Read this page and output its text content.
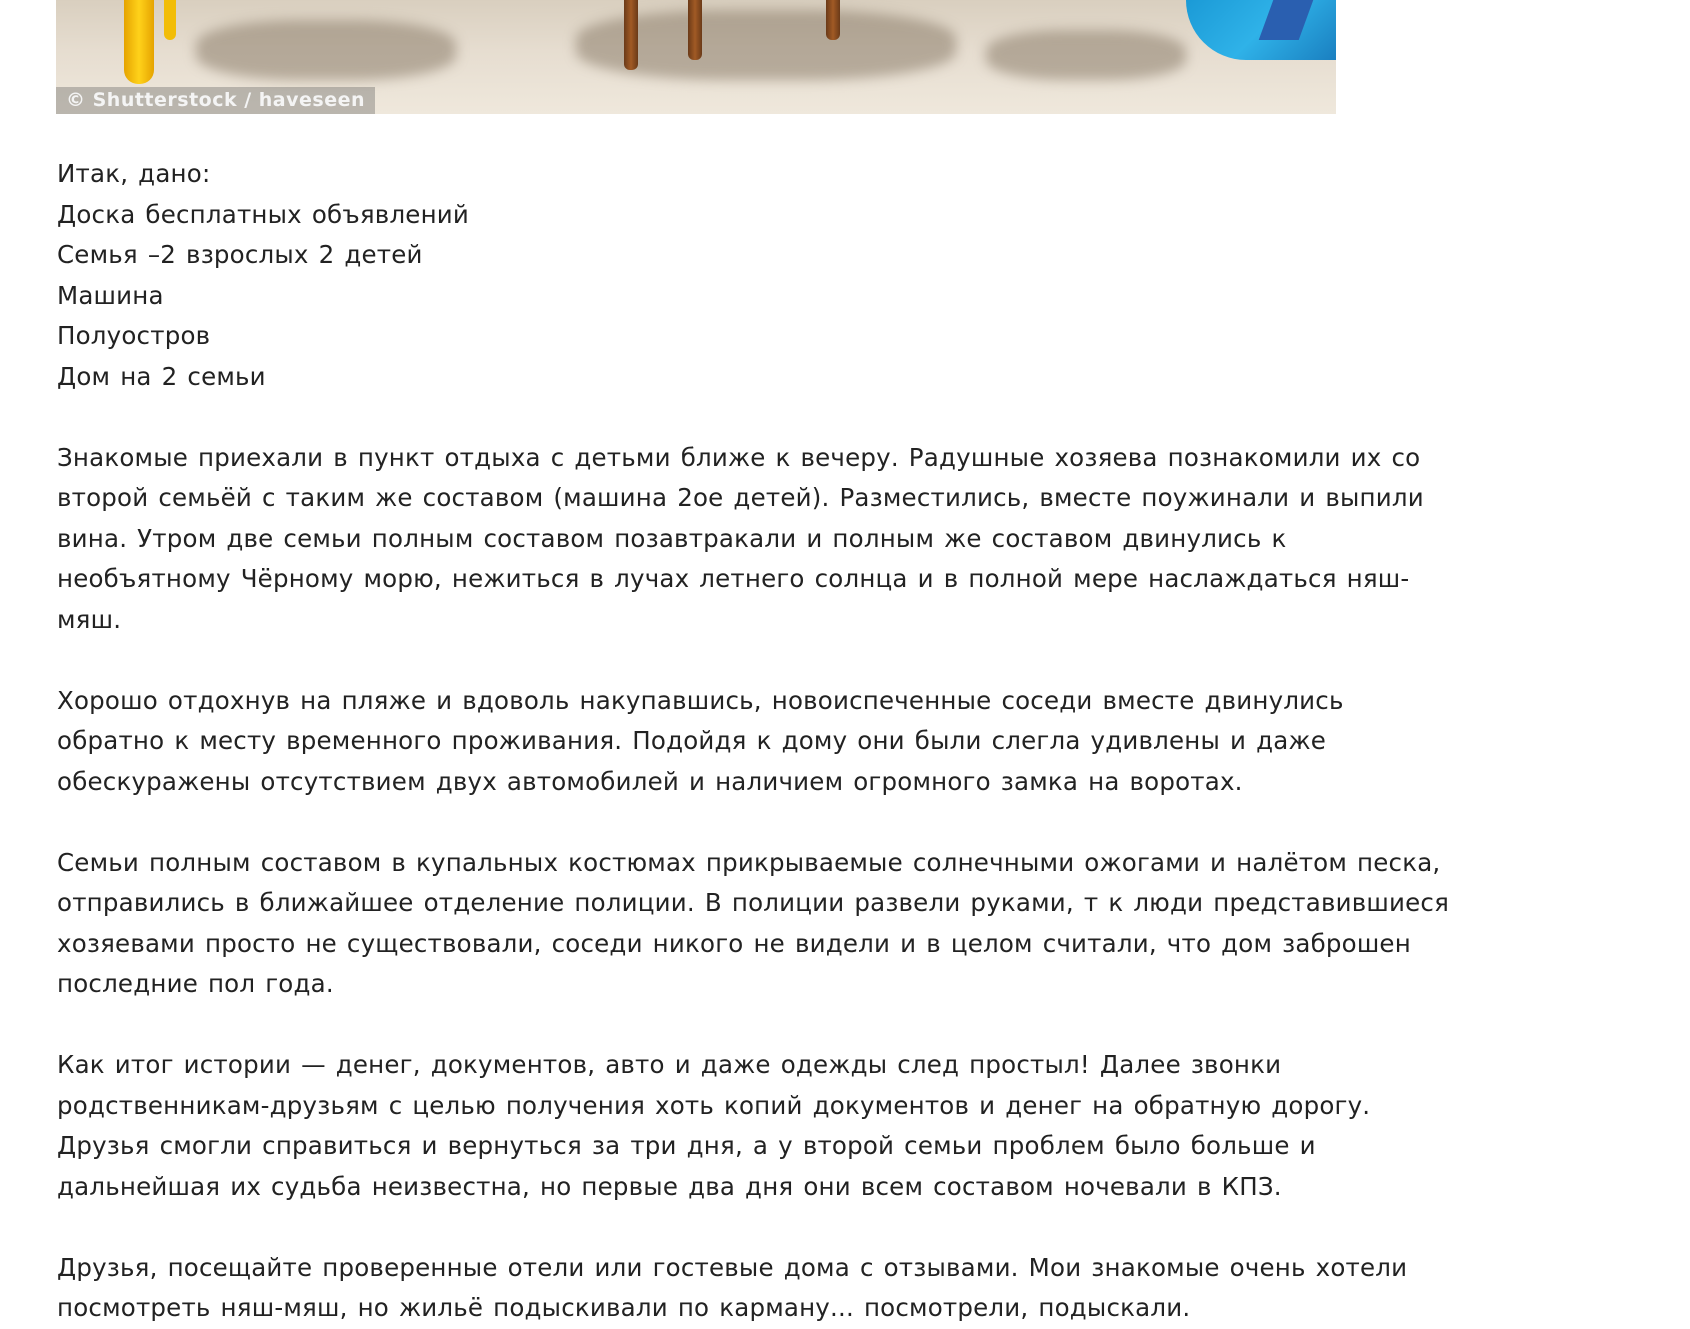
© Shutterstock / haveseen
Итак, дано:
Доска бесплатных объявлений
Семья –2 взрослых 2 детей
Машина
Полуостров
Дом на 2 семьи
Знакомые приехали в пункт отдыха с детьми ближе к вечеру. Радушные хозяева познакомили их со
второй семьёй с таким же составом (машина 2ое детей). Разместились, вместе поужинали и выпили
вина. Утром две семьи полным составом позавтракали и полным же составом двинулись к
необъятному Чёрному морю, нежиться в лучах летнего солнца и в полной мере наслаждаться няш-
мяш.
Хорошо отдохнув на пляже и вдоволь накупавшись, новоиспеченные соседи вместе двинулись
обратно к месту временного проживания. Подойдя к дому они были слегла удивлены и даже
обескуражены отсутствием двух автомобилей и наличием огромного замка на воротах.
Семьи полным составом в купальных костюмах прикрываемые солнечными ожогами и налётом песка,
отправились в ближайшее отделение полиции. В полиции развели руками, т к люди представившиеся
хозяевами просто не существовали, соседи никого не видели и в целом считали, что дом заброшен
последние пол года.
Как итог истории — денег, документов, авто и даже одежды след простыл! Далее звонки
родственникам-друзьям с целью получения хоть копий документов и денег на обратную дорогу.
Друзья смогли справиться и вернуться за три дня, а у второй семьи проблем было больше и
дальнейшая их судьба неизвестна, но первые два дня они всем составом ночевали в КПЗ.
Друзья, посещайте проверенные отели или гостевые дома с отзывами. Мои знакомые очень хотели
посмотреть няш-мяш, но жильё подыскивали по карману... посмотрели, подыскали.
